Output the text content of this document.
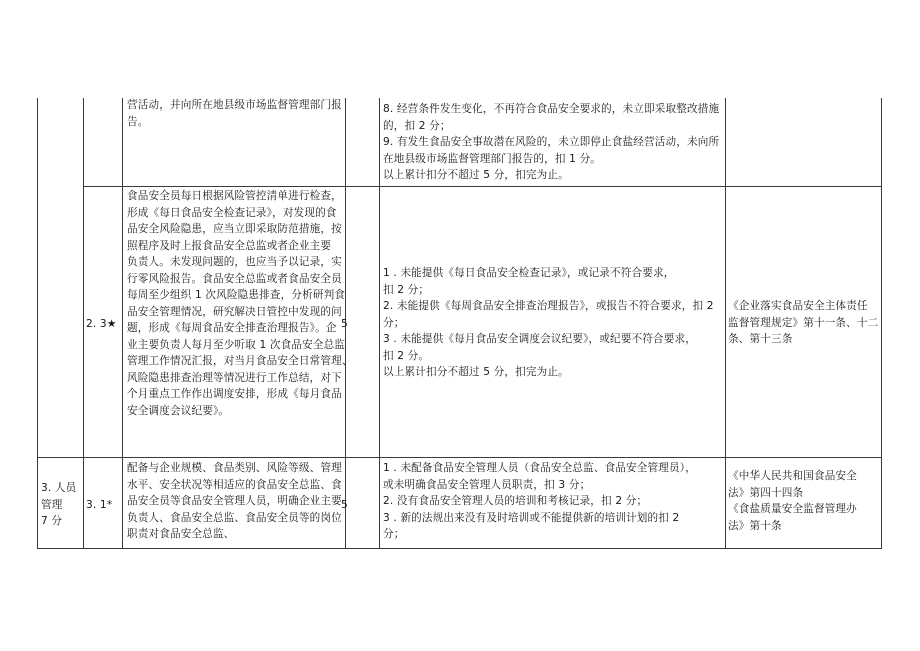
营活动，并向所在地县级市场监督管理部门报
告。
8. 经营条件发生变化，不再符合食品安全要求的，未立即采取整改措施
的，扣 2 分；
9. 有发生食品安全事故潜在风险的，未立即停止食盐经营活动，未向所
在地县级市场监督管理部门报告的，扣 1 分。
以上累计扣分不超过 5 分，扣完为止。
2. 3★	5
食品安全员每日根据风险管控清单进行检查，
形成《每日食品安全检查记录》，对发现的食
品安全风险隐患，应当立即采取防范措施，按
照程序及时上报食品安全总监或者企业主要
负责人。未发现问题的，也应当予以记录，实
行零风险报告。食品安全总监或者食品安全员
每周至少组织 1 次风险隐患排查，分析研判食
品安全管理情况，研究解决日管控中发现的问
题，形成《每周食品安全排查治理报告》。企
业主要负责人每月至少听取 1 次食品安全总监
管理工作情况汇报，对当月食品安全日常管理、
风险隐患排查治理等情况进行工作总结，对下
个月重点工作作出调度安排，形成《每月食品
安全调度会议纪要》。
1 . 未能提供《每日食品安全检查记录》，或记录不符合要求，
扣 2 分；
2. 未能提供《每周食品安全排查治理报告》，或报告不符合要求，扣 2
分；
3 . 未能提供《每月食品安全调度会议纪要》，或纪要不符合要求，
扣 2 分。
以上累计扣分不超过 5 分，扣完为止。
《企业落实食品安全主体责任
监督管理规定》第十一条、十二
条、第十三条
3. 人员
管理
7 分
3. 1*	5
配备与企业规模、食品类别、风险等级、管理
水平、安全状况等相适应的食品安全总监、食
品安全员等食品安全管理人员，明确企业主要
负责人、食品安全总监、食品安全员等的岗位
职责对食品安全总监、
1 . 未配备食品安全管理人员（食品安全总监、食品安全管理员），
或未明确食品安全管理人员职责，扣 3 分；
2. 没有食品安全管理人员的培训和考核记录，扣 2 分；
3 . 新的法规出来没有及时培训或不能提供新的培训计划的扣 2
分；
《中华人民共和国食品安全
法》第四十四条
《食盐质量安全监督管理办
法》第十条
